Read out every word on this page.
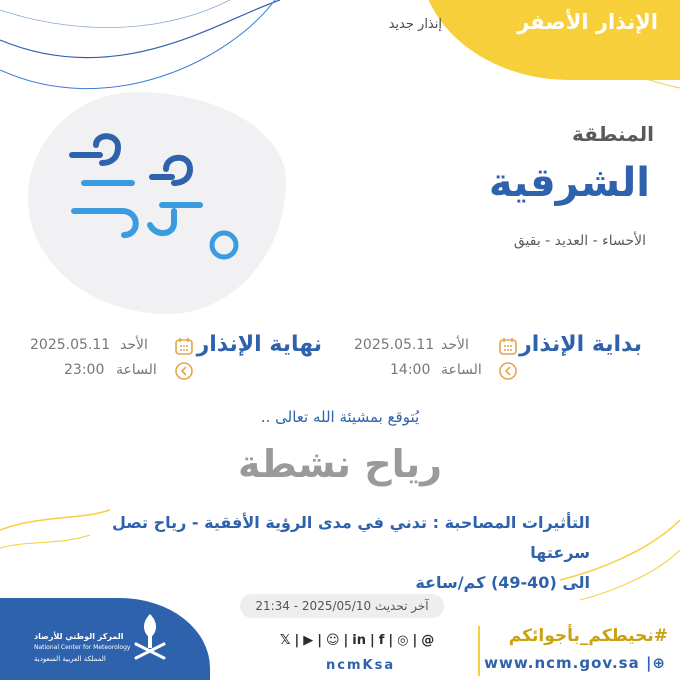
الإنذار الأصفر
إنذار جديد
المنطقة
الشرقية
الأحساء - العديد - بقيق
بداية الإنذار
الأحد
2025.05.11
الساعة
14:00
نهاية الإنذار
الأحد
2025.05.11
الساعة
23:00
يُتوقع بمشيئة الله تعالى ..
رياح نشطة
التأثيرات المصاحبة : تدني في مدى الرؤية الأفقية - رياح تصل سرعتها
الى (40-49) كم/ساعة
آخر تحديث 2025/05/10 - 21:34
المركز الوطني للأرصاد
National Center for Meteorology
المملكة العربية السعودية
𝕏 | ▶ | ☺ | in | f | ◎ | @
ncmKsa
#نحيطكم_بأجوائكم
www.ncm.gov.sa |⊕
